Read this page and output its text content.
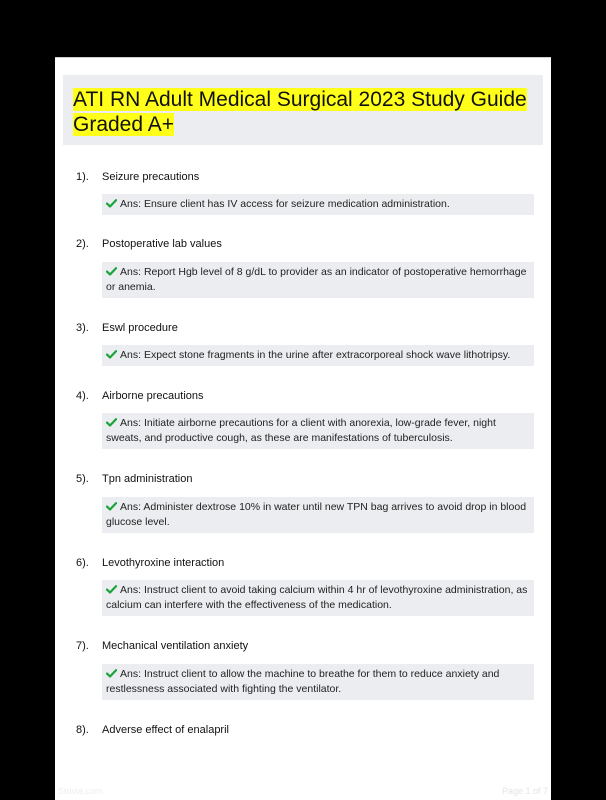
ATI RN Adult Medical Surgical 2023 Study Guide Graded A+
1). Seizure precautions
Ans: Ensure client has IV access for seizure medication administration.
2). Postoperative lab values
Ans: Report Hgb level of 8 g/dL to provider as an indicator of postoperative hemorrhage or anemia.
3). Eswl procedure
Ans: Expect stone fragments in the urine after extracorporeal shock wave lithotripsy.
4). Airborne precautions
Ans: Initiate airborne precautions for a client with anorexia, low-grade fever, night sweats, and productive cough, as these are manifestations of tuberculosis.
5). Tpn administration
Ans: Administer dextrose 10% in water until new TPN bag arrives to avoid drop in blood glucose level.
6). Levothyroxine interaction
Ans: Instruct client to avoid taking calcium within 4 hr of levothyroxine administration, as calcium can interfere with the effectiveness of the medication.
7). Mechanical ventilation anxiety
Ans: Instruct client to allow the machine to breathe for them to reduce anxiety and restlessness associated with fighting the ventilator.
8). Adverse effect of enalapril
Stuvia.com	Page 1 of 7
